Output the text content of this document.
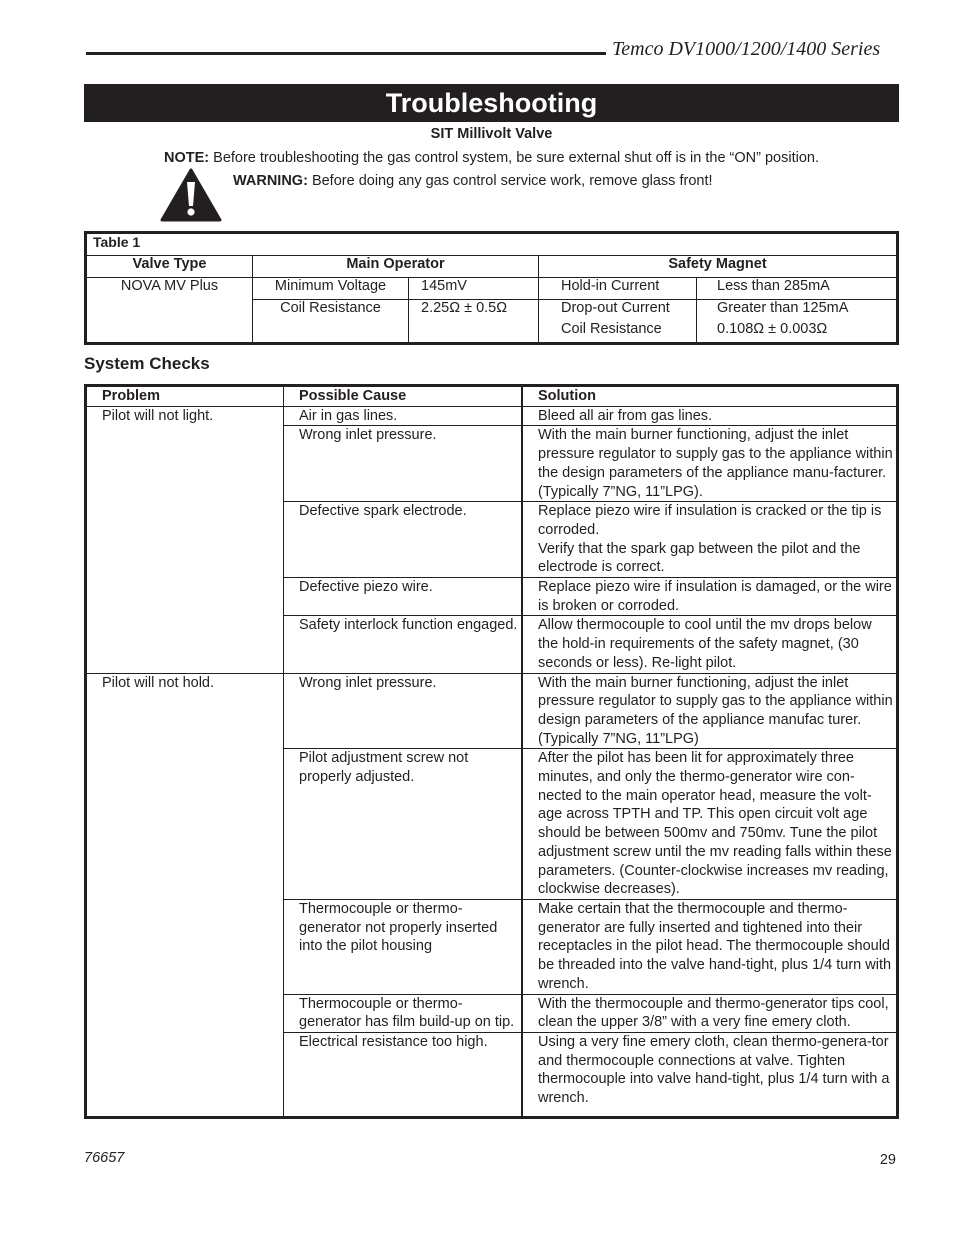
Temco DV1000/1200/1400 Series
Troubleshooting
SIT Millivolt Valve
NOTE: Before troubleshooting the gas control system, be sure external shut off is in the “ON” position.
WARNING: Before doing any gas control service work, remove glass front!
Table 1				
Valve Type	Main Operator		Safety Magnet	
NOVA MV Plus	Minimum Voltage	145mV	Hold-in Current	Less than 285mA
	Coil Resistance	2.25Ω ± 0.5Ω	Drop-out Current	Greater than 125mA
			Coil Resistance	0.108Ω ± 0.003Ω
System Checks
Problem	Possible Cause	Solution
Pilot will not light.	Air in gas lines.	Bleed all air from gas lines.
	Wrong inlet pressure.	With the main burner functioning, adjust the inlet pressure regulator to supply gas to the appliance within the design parameters of the appliance manu-facturer. (Typically 7”NG, 11”LPG).
	Defective spark electrode.	Replace piezo wire if insulation is cracked or the tip is corroded.
Verify that the spark gap between the pilot and the electrode is correct.
	Defective piezo wire.	Replace piezo wire if insulation is damaged, or the wire is broken or corroded.
	Safety interlock function engaged.	Allow thermocouple to cool until the mv drops below the hold-in requirements of the safety magnet, (30 seconds or less). Re-light pilot.
Pilot will not hold.	Wrong inlet pressure.	With the main burner functioning, adjust the inlet pressure regulator to supply gas to the appliance within design parameters of the appliance manufac turer. (Typically 7”NG, 11”LPG)
	Pilot adjustment screw not properly adjusted.	After the pilot has been lit for approximately three minutes, and only the thermo-generator wire con-nected to the main operator head, measure the volt-age across TPTH and TP. This open circuit volt age should be between 500mv and 750mv. Tune the pilot adjustment screw until the mv reading falls within these parameters. (Counter-clockwise increases mv reading, clockwise decreases).
	Thermocouple or thermo-generator not properly inserted into the pilot housing	Make certain that the thermocouple and thermo-generator are fully inserted and tightened into their receptacles in the pilot head. The thermocouple should be threaded into the valve hand-tight, plus 1/4 turn with wrench.
	Thermocouple or thermo-generator has film build-up on tip.	With the thermocouple and thermo-generator tips cool, clean the upper 3/8” with a very fine emery cloth.
	Electrical resistance too high.	Using a very fine emery cloth, clean thermo-genera-tor and thermocouple connections at valve. Tighten thermocouple into valve hand-tight, plus 1/4 turn with a wrench.
76657	29
